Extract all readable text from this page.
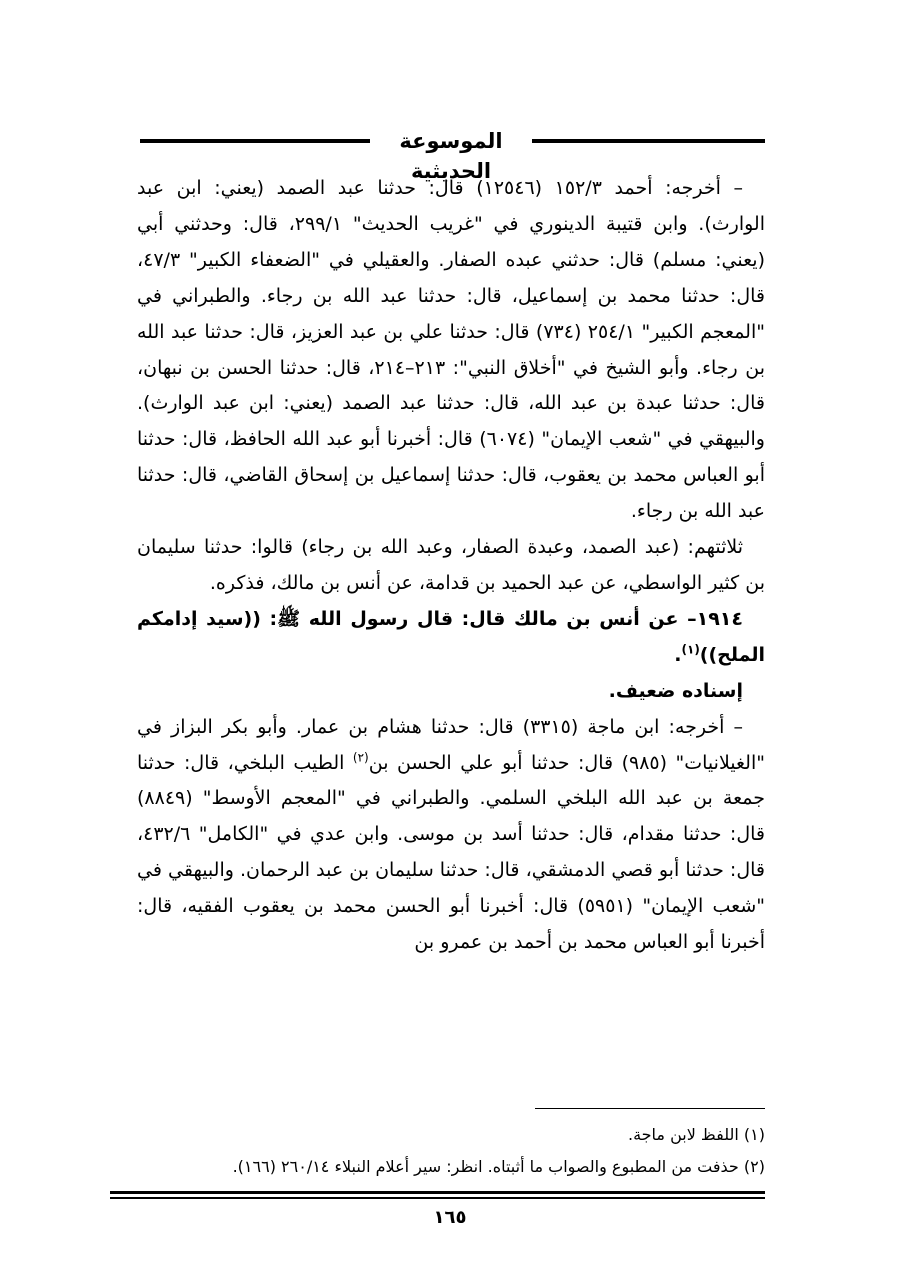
الموسوعة الحديثية

– أخرجه: أحمد ١٥٢/٣ (١٢٥٤٦) قال: حدثنا عبد الصمد (يعني: ابن عبد الوارث). وابن قتيبة الدينوري في "غريب الحديث" ٢٩٩/١، قال: وحدثني أبي (يعني: مسلم) قال: حدثني عبده الصفار. والعقيلي في "الضعفاء الكبير" ٤٧/٣، قال: حدثنا محمد بن إسماعيل، قال: حدثنا عبد الله بن رجاء. والطبراني في "المعجم الكبير" ٢٥٤/١ (٧٣٤) قال: حدثنا علي بن عبد العزيز، قال: حدثنا عبد الله بن رجاء. وأبو الشيخ في "أخلاق النبي": ٢١٣–٢١٤، قال: حدثنا الحسن بن نبهان، قال: حدثنا عبدة بن عبد الله، قال: حدثنا عبد الصمد (يعني: ابن عبد الوارث). والبيهقي في "شعب الإيمان" (٦٠٧٤) قال: أخبرنا أبو عبد الله الحافظ، قال: حدثنا أبو العباس محمد بن يعقوب، قال: حدثنا إسماعيل بن إسحاق القاضي، قال: حدثنا عبد الله بن رجاء.

ثلاثتهم: (عبد الصمد، وعبدة الصفار، وعبد الله بن رجاء) قالوا: حدثنا سليمان بن كثير الواسطي، عن عبد الحميد بن قدامة، عن أنس بن مالك، فذكره.

١٩١٤– عن أنس بن مالك قال: قال رسول الله ﷺ: ((سيد إدامكم الملح))$^{(١)}$.

إسناده ضعيف.

– أخرجه: ابن ماجة (٣٣١٥) قال: حدثنا هشام بن عمار. وأبو بكر البزاز في "الغيلانيات" (٩٨٥) قال: حدثنا أبو علي الحسن بن$^{(٢)}$ الطيب البلخي، قال: حدثنا جمعة بن عبد الله البلخي السلمي. والطبراني في "المعجم الأوسط" (٨٨٤٩) قال: حدثنا مقدام، قال: حدثنا أسد بن موسى. وابن عدي في "الكامل" ٤٣٢/٦، قال: حدثنا أبو قصي الدمشقي، قال: حدثنا سليمان بن عبد الرحمان. والبيهقي في "شعب الإيمان" (٥٩٥١) قال: أخبرنا أبو الحسن محمد بن يعقوب الفقيه، قال: أخبرنا أبو العباس محمد بن أحمد بن عمرو بن

(١) اللفظ لابن ماجة.

(٢) حذفت من المطبوع والصواب ما أثبتاه. انظر: سير أعلام النبلاء ٢٦٠/١٤ (١٦٦).

١٦٥
